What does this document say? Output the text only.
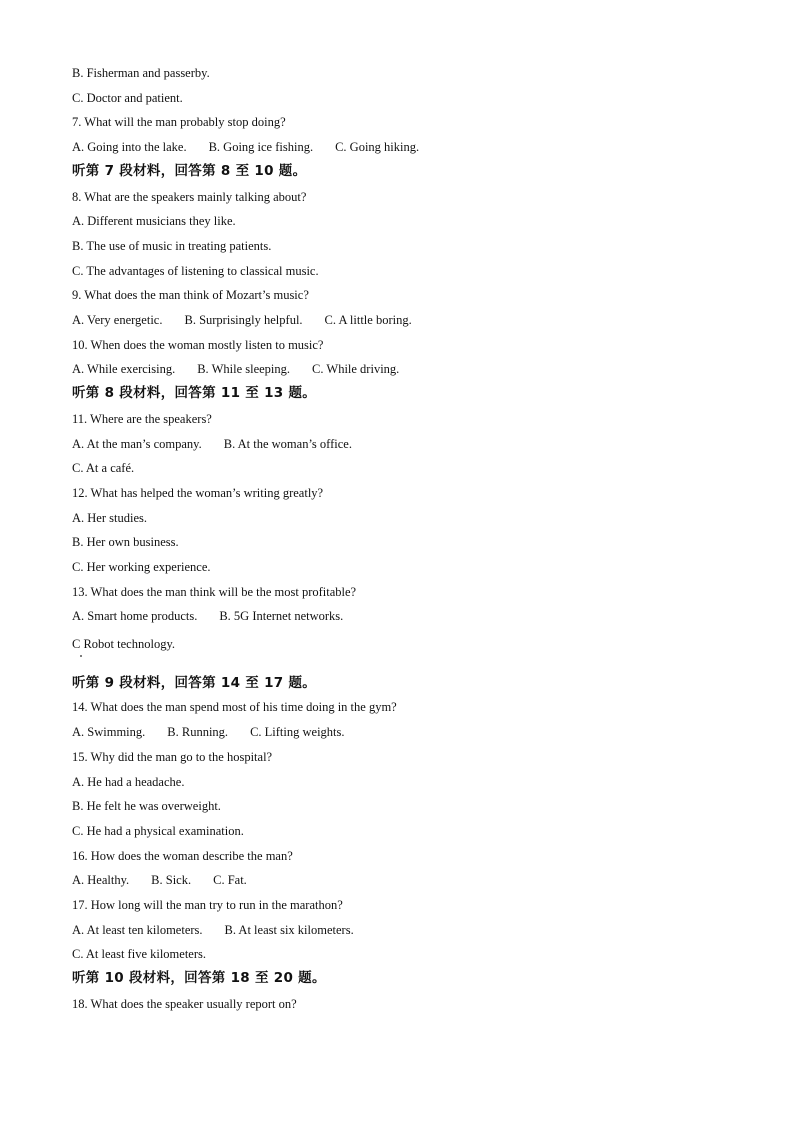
B. Fisherman and passerby.
C. Doctor and patient.
7. What will the man probably stop doing?
A. Going into the lake. B. Going ice fishing. C. Going hiking.
听第 7 段材料，回答第 8 至 10 题。
8. What are the speakers mainly talking about?
A. Different musicians they like.
B. The use of music in treating patients.
C. The advantages of listening to classical music.
9. What does the man think of Mozart’s music?
A. Very energetic. B. Surprisingly helpful. C. A little boring.
10. When does the woman mostly listen to music?
A. While exercising. B. While sleeping. C. While driving.
听第 8 段材料，回答第 11 至 13 题。
11. Where are the speakers?
A. At the man’s company. B. At the woman’s office.
C. At a café.
12. What has helped the woman’s writing greatly?
A. Her studies.
B. Her own business.
C. Her working experience.
13. What does the man think will be the most profitable?
A. Smart home products. B. 5G Internet networks.
C Robot technology.
听第 9 段材料，回答第 14 至 17 题。
14. What does the man spend most of his time doing in the gym?
A. Swimming. B. Running. C. Lifting weights.
15. Why did the man go to the hospital?
A. He had a headache.
B. He felt he was overweight.
C. He had a physical examination.
16. How does the woman describe the man?
A. Healthy. B. Sick. C. Fat.
17. How long will the man try to run in the marathon?
A. At least ten kilometers. B. At least six kilometers.
C. At least five kilometers.
听第 10 段材料，回答第 18 至 20 题。
18. What does the speaker usually report on?
